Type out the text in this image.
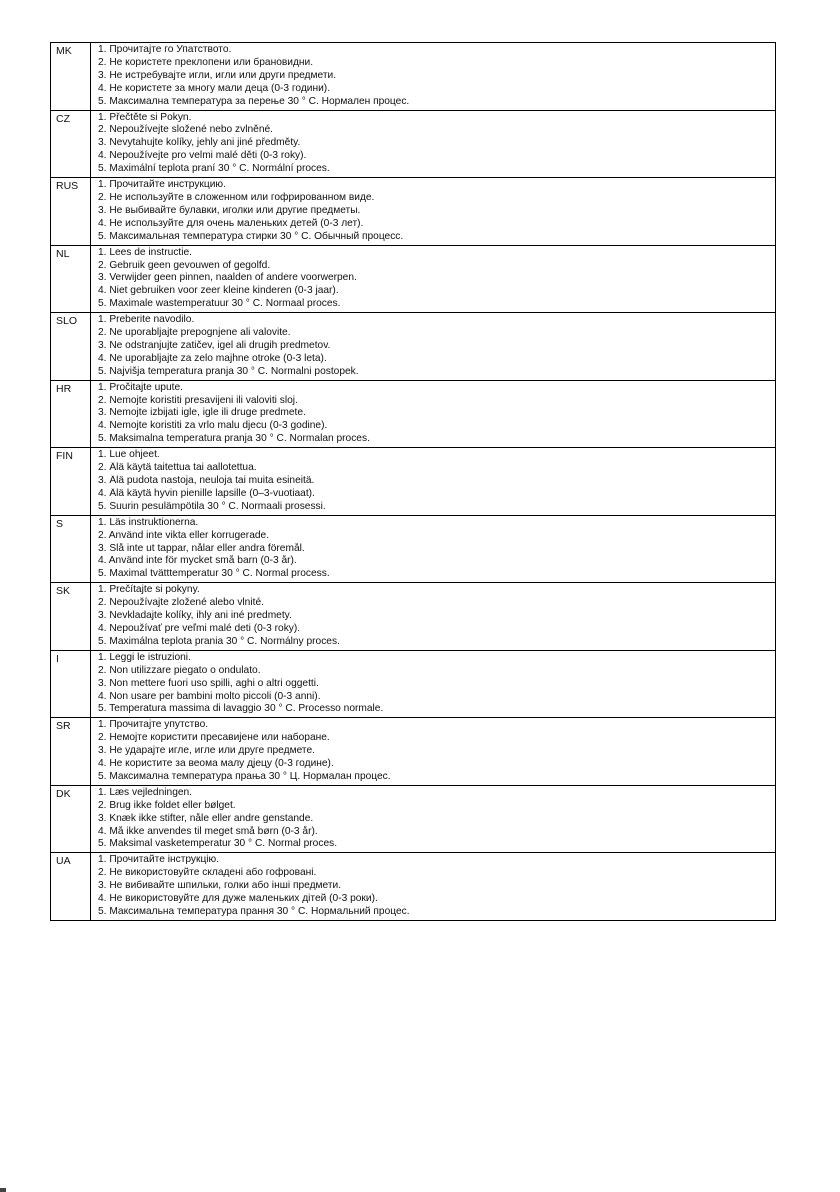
MK	1. Прочитајте го Упатството.
2. Не користете преклопени или брановидни.
3. Не истребувајте игли, игли или други предмети.
4. Не користете за многу мали деца (0-3 години).
5. Максимална температура за перење 30 ° С. Нормален процес.

CZ	1. Přečtěte si Pokyn.
2. Nepoužívejte složené nebo zvlněné.
3. Nevytahujte kolíky, jehly ani jiné předměty.
4. Nepoužívejte pro velmi malé děti (0-3 roky).
5. Maximální teplota praní 30 ° C. Normální proces.

RUS	1. Прочитайте инструкцию.
2. Не используйте в сложенном или гофрированном виде.
3. Не выбивайте булавки, иголки или другие предметы.
4. Не используйте для очень маленьких детей (0-3 лет).
5. Максимальная температура стирки 30 ° C. Обычный процесс.

NL	1. Lees de instructie.
2. Gebruik geen gevouwen of gegolfd.
3. Verwijder geen pinnen, naalden of andere voorwerpen.
4. Niet gebruiken voor zeer kleine kinderen (0-3 jaar).
5. Maximale wastemperatuur 30 ° C. Normaal proces.

SLO	1. Preberite navodilo.
2. Ne uporabljajte prepognjene ali valovite.
3. Ne odstranjujte zatičev, igel ali drugih predmetov.
4. Ne uporabljajte za zelo majhne otroke (0-3 leta).
5. Najvišja temperatura pranja 30 ° C. Normalni postopek.

HR	1. Pročitajte upute.
2. Nemojte koristiti presavijeni ili valoviti sloj.
3. Nemojte izbijati igle, igle ili druge predmete.
4. Nemojte koristiti za vrlo malu djecu (0-3 godine).
5. Maksimalna temperatura pranja 30 ° C. Normalan proces.

FIN	1. Lue ohjeet.
2. Älä käytä taitettua tai aallotettua.
3. Älä pudota nastoja, neuloja tai muita esineitä.
4. Älä käytä hyvin pienille lapsille (0–3-vuotiaat).
5. Suurin pesulämpötila 30 ° C. Normaali prosessi.

S	1. Läs instruktionerna.
2. Använd inte vikta eller korrugerade.
3. Slå inte ut tappar, nålar eller andra föremål.
4. Använd inte för mycket små barn (0-3 år).
5. Maximal tvätttemperatur 30 ° C. Normal process.

SK	1. Prečítajte si pokyny.
2. Nepoužívajte zložené alebo vlnité.
3. Nevkladajte kolíky, ihly ani iné predmety.
4. Nepoužívať pre veľmi malé deti (0-3 roky).
5. Maximálna teplota prania 30 ° C. Normálny proces.

I	1. Leggi le istruzioni.
2. Non utilizzare piegato o ondulato.
3. Non mettere fuori uso spilli, aghi o altri oggetti.
4. Non usare per bambini molto piccoli (0-3 anni).
5. Temperatura massima di lavaggio 30 ° C. Processo normale.

SR	1. Прочитајте упутство.
2. Немојте користити пресавијене или набоpане.
3. Не ударајте игле, игле или друге предмете.
4. Не користите за веома малу дјецу (0-3 године).
5. Максимална температура прања 30 ° Ц. Нормалан процес.

DK	1. Læs vejledningen.
2. Brug ikke foldet eller bølget.
3. Knæk ikke stifter, nåle eller andre genstande.
4. Må ikke anvendes til meget små børn (0-3 år).
5. Maksimal vasketemperatur 30 ° C. Normal proces.

UA	1. Прочитайте інструкцію.
2. Не використовуйте складені або гофровані.
3. Не вибивайте шпильки, голки або інші предмети.
4. Не використовуйте для дуже маленьких дітей (0-3 роки).
5. Максимальна температура прання 30 ° С. Нормальний процес.
